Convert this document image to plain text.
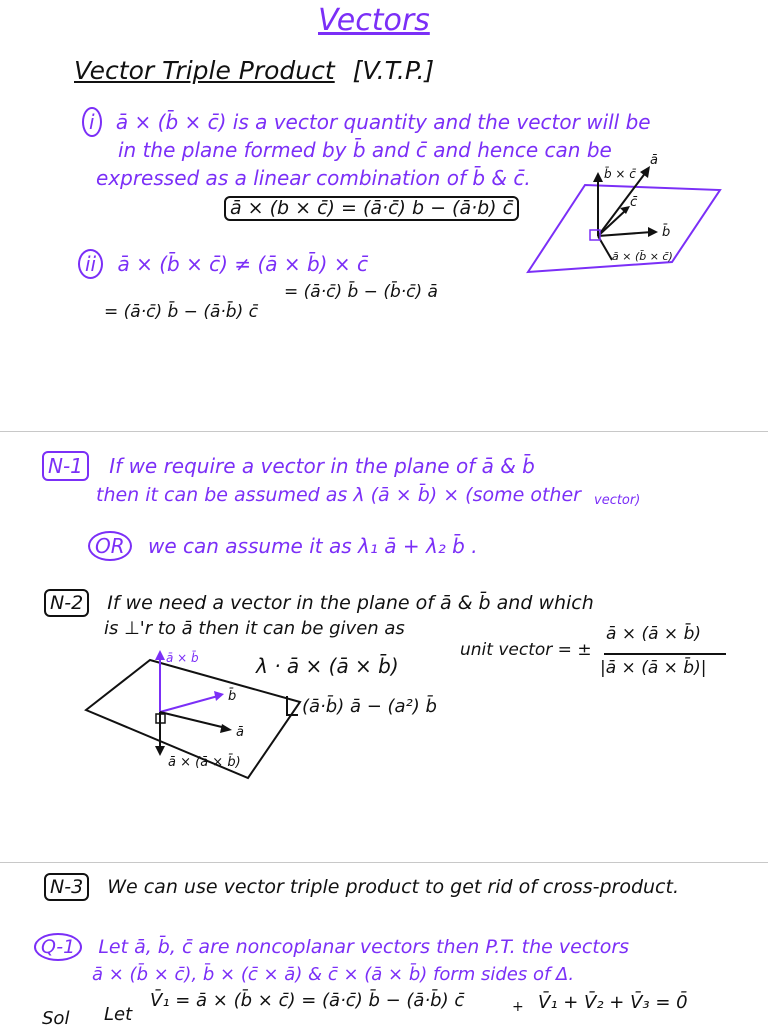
Vectors
Vector Triple Product [V.T.P.]
i ā × (b̄ × c̄) is a vector quantity and the vector will be
in the plane formed by b̄ and c̄ and hence can be
expressed as a linear combination of b̄ & c̄.
ā × (b̄ × c̄) = (ā·c̄) b̄ − (ā·b̄) c̄
b̄ × c̄
ā
c̄
b̄
ā × (b̄ × c̄)
ii ā × (b̄ × c̄) ≠ (ā × b̄) × c̄
= (ā·c̄) b̄ − (ā·b̄) c̄
= (ā·c̄) b̄ − (b̄·c̄) ā
N-1 If we require a vector in the plane of ā & b̄
then it can be assumed as λ (ā × b̄) × (some other vector)
OR we can assume it as λ₁ ā + λ₂ b̄ .
N-2 If we need a vector in the plane of ā & b̄ and which
is ⊥'r to ā then it can be given as
λ · ā × (ā × b̄)
(ā·b̄) ā − (a²) b̄
unit vector = ±
ā × (ā × b̄)
|ā × (ā × b̄)|
ā × b̄
b̄
ā
ā × (ā × b̄)
N-3 We can use vector triple product to get rid of cross-product.
Q-1 Let ā, b̄, c̄ are noncoplanar vectors then P.T. the vectors
ā × (b̄ × c̄), b̄ × (c̄ × ā) & c̄ × (ā × b̄) form sides of Δ.
Sol Let
V̄₁ = ā × (b̄ × c̄) = (ā·c̄) b̄ − (ā·b̄) c̄	+ V̄₁ + V̄₂ + V̄₃ = 0̄
